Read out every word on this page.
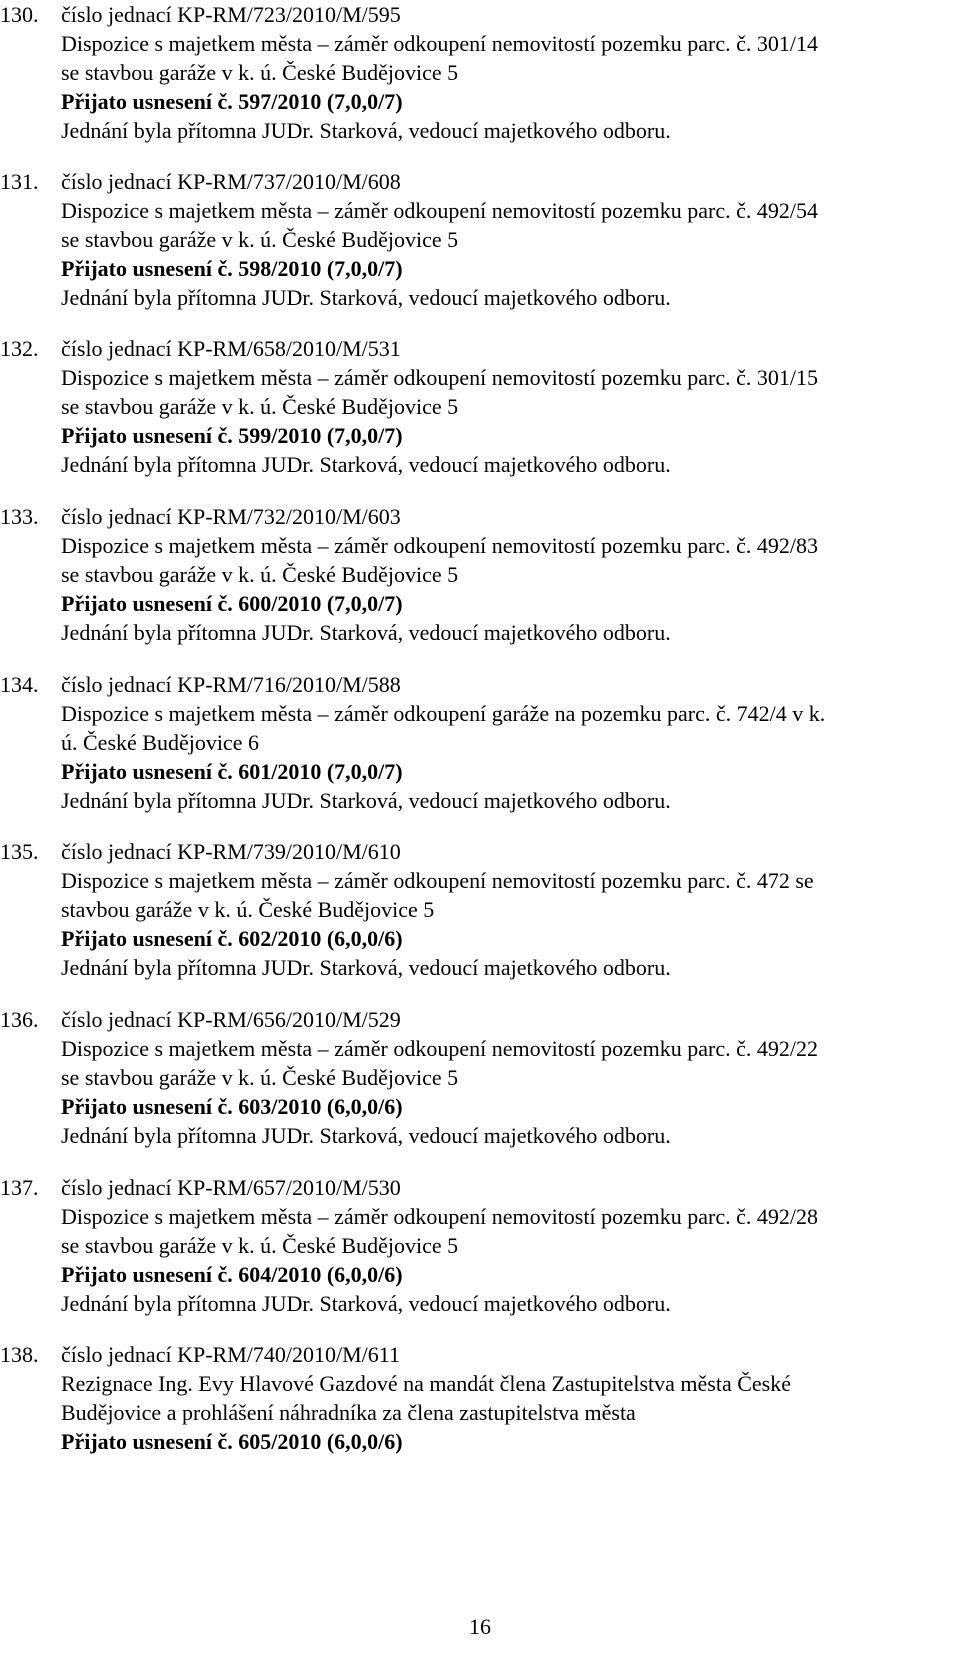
130.	číslo jednací KP-RM/723/2010/M/595
Dispozice s majetkem města – záměr odkoupení nemovitostí pozemku parc. č. 301/14
se stavbou garáže v k. ú. České Budějovice 5
Přijato usnesení č. 597/2010 (7,0,0/7)
Jednání byla přítomna JUDr. Starková, vedoucí majetkového odboru.
131.	číslo jednací KP-RM/737/2010/M/608
Dispozice s majetkem města – záměr odkoupení nemovitostí pozemku parc. č. 492/54
se stavbou garáže v k. ú. České Budějovice 5
Přijato usnesení č. 598/2010 (7,0,0/7)
Jednání byla přítomna JUDr. Starková, vedoucí majetkového odboru.
132.	číslo jednací KP-RM/658/2010/M/531
Dispozice s majetkem města – záměr odkoupení nemovitostí pozemku parc. č. 301/15
se stavbou garáže v k. ú. České Budějovice 5
Přijato usnesení č. 599/2010 (7,0,0/7)
Jednání byla přítomna JUDr. Starková, vedoucí majetkového odboru.
133.	číslo jednací KP-RM/732/2010/M/603
Dispozice s majetkem města – záměr odkoupení nemovitostí pozemku parc. č. 492/83
se stavbou garáže v k. ú. České Budějovice 5
Přijato usnesení č. 600/2010 (7,0,0/7)
Jednání byla přítomna JUDr. Starková, vedoucí majetkového odboru.
134.	číslo jednací KP-RM/716/2010/M/588
Dispozice s majetkem města – záměr odkoupení garáže na pozemku parc. č. 742/4 v k.
ú. České Budějovice 6
Přijato usnesení č. 601/2010 (7,0,0/7)
Jednání byla přítomna JUDr. Starková, vedoucí majetkového odboru.
135.	číslo jednací KP-RM/739/2010/M/610
Dispozice s majetkem města – záměr odkoupení nemovitostí pozemku parc. č. 472 se
stavbou garáže v k. ú. České Budějovice 5
Přijato usnesení č. 602/2010 (6,0,0/6)
Jednání byla přítomna JUDr. Starková, vedoucí majetkového odboru.
136.	číslo jednací KP-RM/656/2010/M/529
Dispozice s majetkem města – záměr odkoupení nemovitostí pozemku parc. č. 492/22
se stavbou garáže v k. ú. České Budějovice 5
Přijato usnesení č. 603/2010 (6,0,0/6)
Jednání byla přítomna JUDr. Starková, vedoucí majetkového odboru.
137.	číslo jednací KP-RM/657/2010/M/530
Dispozice s majetkem města – záměr odkoupení nemovitostí pozemku parc. č. 492/28
se stavbou garáže v k. ú. České Budějovice 5
Přijato usnesení č. 604/2010 (6,0,0/6)
Jednání byla přítomna JUDr. Starková, vedoucí majetkového odboru.
138.	číslo jednací KP-RM/740/2010/M/611
Rezignace Ing. Evy Hlavové Gazdové na mandát člena Zastupitelstva města České
Budějovice a prohlášení náhradníka za člena zastupitelstva města
Přijato usnesení č. 605/2010 (6,0,0/6)
16
